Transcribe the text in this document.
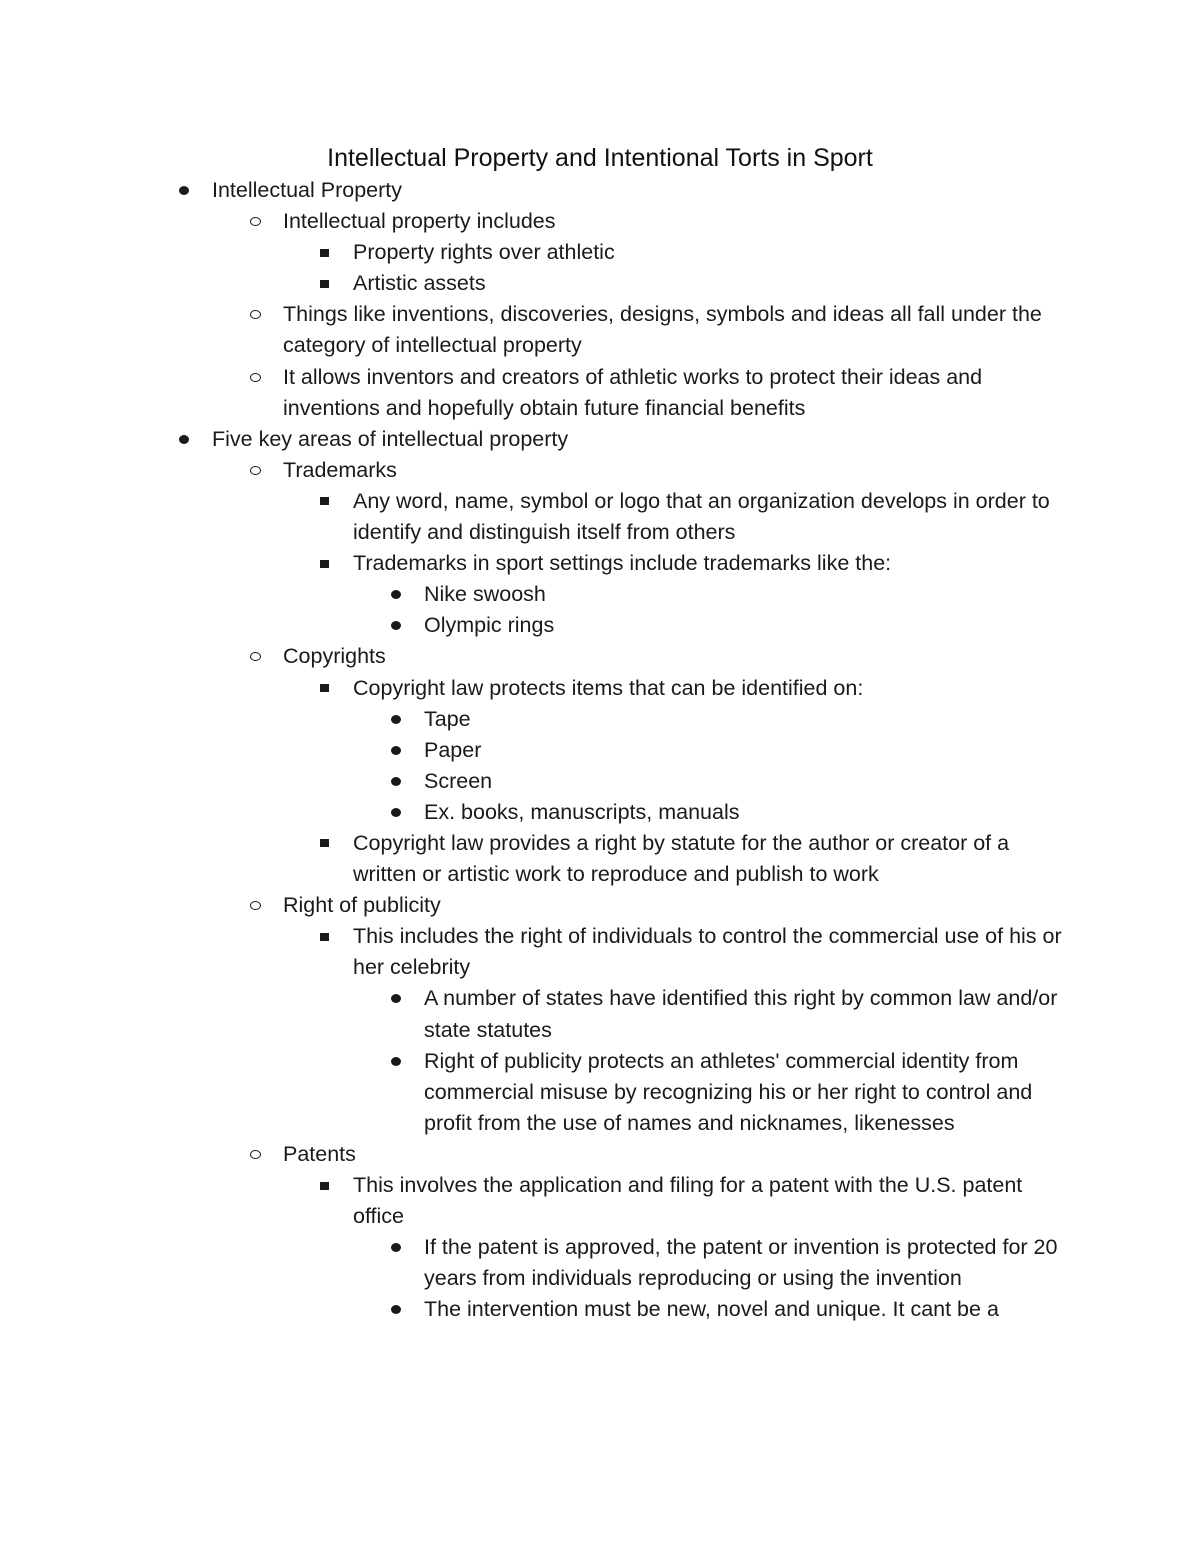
Intellectual Property and Intentional Torts in Sport
Intellectual Property
Intellectual property includes
Property rights over athletic
Artistic assets
Things like inventions, discoveries, designs, symbols and ideas all fall under the category of intellectual property
It allows inventors and creators of athletic works to protect their ideas and inventions and hopefully obtain future financial benefits
Five key areas of intellectual property
Trademarks
Any word, name, symbol or logo that an organization develops in order to identify and distinguish itself from others
Trademarks in sport settings include trademarks like the:
Nike swoosh
Olympic rings
Copyrights
Copyright law protects items that can be identified on:
Tape
Paper
Screen
Ex. books, manuscripts, manuals
Copyright law provides a right by statute for the author or creator of a written or artistic work to reproduce and publish to work
Right of publicity
This includes the right of individuals to control the commercial use of his or her celebrity
A number of states have identified this right by common law and/or state statutes
Right of publicity protects an athletes' commercial identity from commercial misuse by recognizing his or her right to control and profit from the use of names and nicknames, likenesses
Patents
This involves the application and filing for a patent with the U.S. patent office
If the patent is approved, the patent or invention is protected for 20 years from individuals reproducing or using the invention
The intervention must be new, novel and unique. It cant be a
